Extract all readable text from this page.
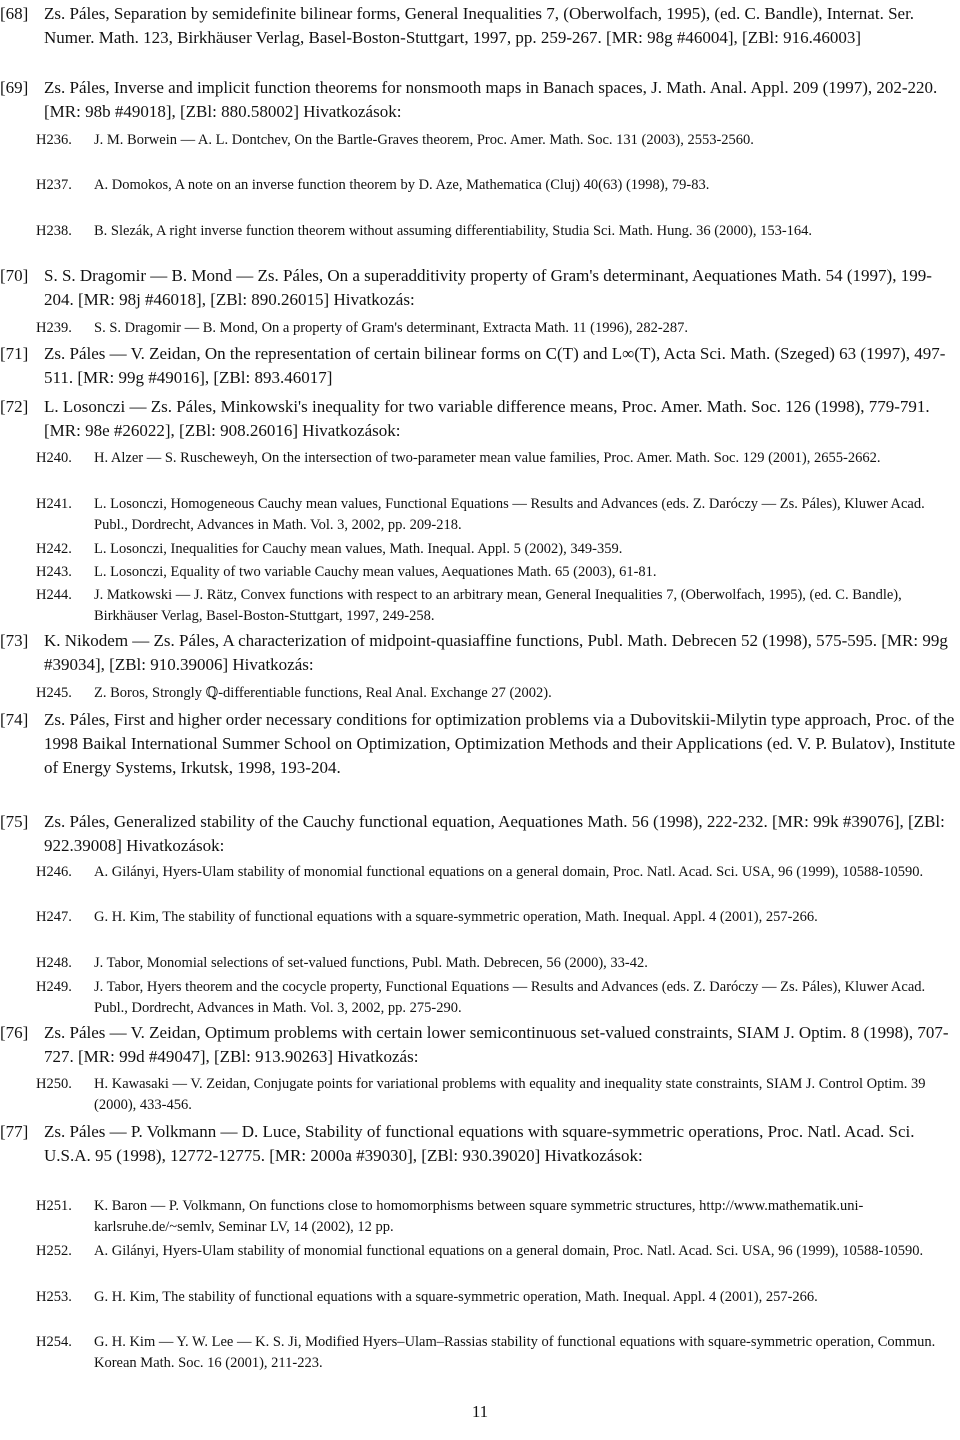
[68] Zs. Páles, Separation by semidefinite bilinear forms, General Inequalities 7, (Oberwolfach, 1995), (ed. C. Bandle), Internat. Ser. Numer. Math. 123, Birkhäuser Verlag, Basel-Boston-Stuttgart, 1997, pp. 259-267. [MR: 98g #46004], [ZBl: 916.46003]
[69] Zs. Páles, Inverse and implicit function theorems for nonsmooth maps in Banach spaces, J. Math. Anal. Appl. 209 (1997), 202-220. [MR: 98b #49018], [ZBl: 880.58002] Hivatkozások:
H236. J. M. Borwein — A. L. Dontchev, On the Bartle-Graves theorem, Proc. Amer. Math. Soc. 131 (2003), 2553-2560.
H237. A. Domokos, A note on an inverse function theorem by D. Aze, Mathematica (Cluj) 40(63) (1998), 79-83.
H238. B. Slezák, A right inverse function theorem without assuming differentiability, Studia Sci. Math. Hung. 36 (2000), 153-164.
[70] S. S. Dragomir — B. Mond — Zs. Páles, On a superadditivity property of Gram's determinant, Aequationes Math. 54 (1997), 199-204. [MR: 98j #46018], [ZBl: 890.26015] Hivatkozás:
H239. S. S. Dragomir — B. Mond, On a property of Gram's determinant, Extracta Math. 11 (1996), 282-287.
[71] Zs. Páles — V. Zeidan, On the representation of certain bilinear forms on C(T) and L∞(T), Acta Sci. Math. (Szeged) 63 (1997), 497-511. [MR: 99g #49016], [ZBl: 893.46017]
[72] L. Losonczi — Zs. Páles, Minkowski's inequality for two variable difference means, Proc. Amer. Math. Soc. 126 (1998), 779-791. [MR: 98e #26022], [ZBl: 908.26016] Hivatkozások:
H240. H. Alzer — S. Ruscheweyh, On the intersection of two-parameter mean value families, Proc. Amer. Math. Soc. 129 (2001), 2655-2662.
H241. L. Losonczi, Homogeneous Cauchy mean values, Functional Equations — Results and Advances (eds. Z. Daróczy — Zs. Páles), Kluwer Acad. Publ., Dordrecht, Advances in Math. Vol. 3, 2002, pp. 209-218.
H242. L. Losonczi, Inequalities for Cauchy mean values, Math. Inequal. Appl. 5 (2002), 349-359.
H243. L. Losonczi, Equality of two variable Cauchy mean values, Aequationes Math. 65 (2003), 61-81.
H244. J. Matkowski — J. Rätz, Convex functions with respect to an arbitrary mean, General Inequalities 7, (Oberwolfach, 1995), (ed. C. Bandle), Birkhäuser Verlag, Basel-Boston-Stuttgart, 1997, 249-258.
[73] K. Nikodem — Zs. Páles, A characterization of midpoint-quasiaffine functions, Publ. Math. Debrecen 52 (1998), 575-595. [MR: 99g #39034], [ZBl: 910.39006] Hivatkozás:
H245. Z. Boros, Strongly ℚ-differentiable functions, Real Anal. Exchange 27 (2002).
[74] Zs. Páles, First and higher order necessary conditions for optimization problems via a Dubovitskii-Milytin type approach, Proc. of the 1998 Baikal International Summer School on Optimization, Optimization Methods and their Applications (ed. V. P. Bulatov), Institute of Energy Systems, Irkutsk, 1998, 193-204.
[75] Zs. Páles, Generalized stability of the Cauchy functional equation, Aequationes Math. 56 (1998), 222-232. [MR: 99k #39076], [ZBl: 922.39008] Hivatkozások:
H246. A. Gilányi, Hyers-Ulam stability of monomial functional equations on a general domain, Proc. Natl. Acad. Sci. USA, 96 (1999), 10588-10590.
H247. G. H. Kim, The stability of functional equations with a square-symmetric operation, Math. Inequal. Appl. 4 (2001), 257-266.
H248. J. Tabor, Monomial selections of set-valued functions, Publ. Math. Debrecen, 56 (2000), 33-42.
H249. J. Tabor, Hyers theorem and the cocycle property, Functional Equations — Results and Advances (eds. Z. Daróczy — Zs. Páles), Kluwer Acad. Publ., Dordrecht, Advances in Math. Vol. 3, 2002, pp. 275-290.
[76] Zs. Páles — V. Zeidan, Optimum problems with certain lower semicontinuous set-valued constraints, SIAM J. Optim. 8 (1998), 707-727. [MR: 99d #49047], [ZBl: 913.90263] Hivatkozás:
H250. H. Kawasaki — V. Zeidan, Conjugate points for variational problems with equality and inequality state constraints, SIAM J. Control Optim. 39 (2000), 433-456.
[77] Zs. Páles — P. Volkmann — D. Luce, Stability of functional equations with square-symmetric operations, Proc. Natl. Acad. Sci. U.S.A. 95 (1998), 12772-12775. [MR: 2000a #39030], [ZBl: 930.39020] Hivatkozások:
H251. K. Baron — P. Volkmann, On functions close to homomorphisms between square symmetric structures, http://www.mathematik.uni-karlsruhe.de/~semlv, Seminar LV, 14 (2002), 12 pp.
H252. A. Gilányi, Hyers-Ulam stability of monomial functional equations on a general domain, Proc. Natl. Acad. Sci. USA, 96 (1999), 10588-10590.
H253. G. H. Kim, The stability of functional equations with a square-symmetric operation, Math. Inequal. Appl. 4 (2001), 257-266.
H254. G. H. Kim — Y. W. Lee — K. S. Ji, Modified Hyers–Ulam–Rassias stability of functional equations with square-symmetric operation, Commun. Korean Math. Soc. 16 (2001), 211-223.
11
